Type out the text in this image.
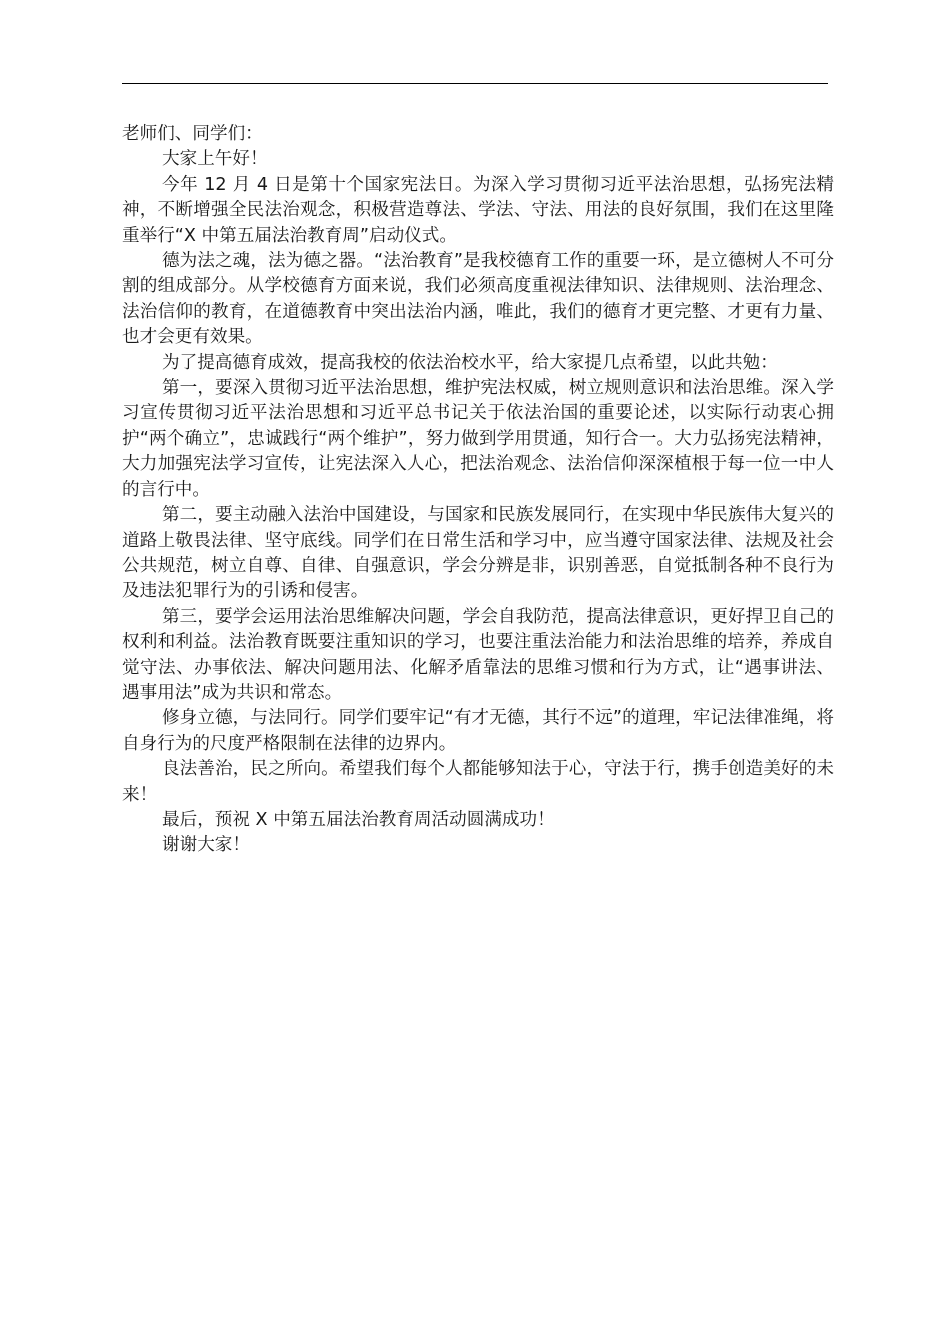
老师们、同学们：

大家上午好！

今年 12 月 4 日是第十个国家宪法日。为深入学习贯彻习近平法治思想，弘扬宪法精神，不断增强全民法治观念，积极营造尊法、学法、守法、用法的良好氛围，我们在这里隆重举行“X 中第五届法治教育周”启动仪式。

德为法之魂，法为德之器。“法治教育”是我校德育工作的重要一环，是立德树人不可分割的组成部分。从学校德育方面来说，我们必须高度重视法律知识、法律规则、法治理念、法治信仰的教育，在道德教育中突出法治内涵，唯此，我们的德育才更完整、才更有力量、也才会更有效果。

为了提高德育成效，提高我校的依法治校水平，给大家提几点希望，以此共勉：

第一，要深入贯彻习近平法治思想，维护宪法权威，树立规则意识和法治思维。深入学习宣传贯彻习近平法治思想和习近平总书记关于依法治国的重要论述，以实际行动衷心拥护“两个确立”，忠诚践行“两个维护”，努力做到学用贯通，知行合一。大力弘扬宪法精神，大力加强宪法学习宣传，让宪法深入人心，把法治观念、法治信仰深深植根于每一位一中人的言行中。

第二，要主动融入法治中国建设，与国家和民族发展同行，在实现中华民族伟大复兴的道路上敬畏法律、坚守底线。同学们在日常生活和学习中，应当遵守国家法律、法规及社会公共规范，树立自尊、自律、自强意识，学会分辨是非，识别善恶，自觉抵制各种不良行为及违法犯罪行为的引诱和侵害。

第三，要学会运用法治思维解决问题，学会自我防范，提高法律意识，更好捍卫自己的权利和利益。法治教育既要注重知识的学习，也要注重法治能力和法治思维的培养，养成自觉守法、办事依法、解决问题用法、化解矛盾靠法的思维习惯和行为方式，让“遇事讲法、遇事用法”成为共识和常态。

修身立德，与法同行。同学们要牢记“有才无德，其行不远”的道理，牢记法律准绳，将自身行为的尺度严格限制在法律的边界内。

良法善治，民之所向。希望我们每个人都能够知法于心，守法于行，携手创造美好的未来！

最后，预祝 X 中第五届法治教育周活动圆满成功！

谢谢大家！
